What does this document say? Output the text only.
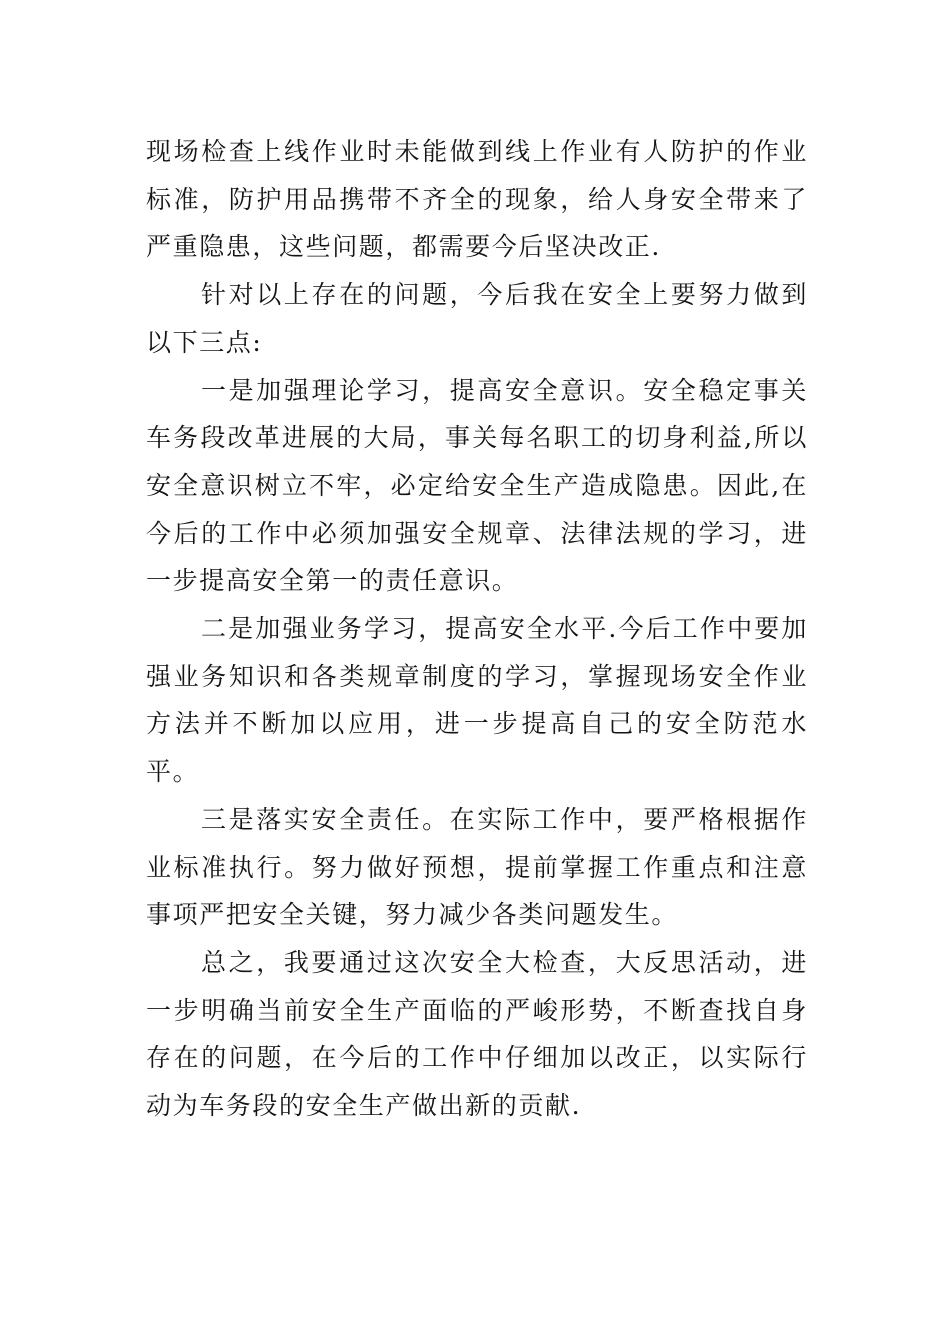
现场检查上线作业时未能做到线上作业有人防护的作业标准，防护用品携带不齐全的现象，给人身安全带来了严重隐患，这些问题，都需要今后坚决改正.

针对以上存在的问题，今后我在安全上要努力做到以下三点:

一是加强理论学习，提高安全意识。安全稳定事关车务段改革进展的大局，事关每名职工的切身利益,所以安全意识树立不牢，必定给安全生产造成隐患。因此,在今后的工作中必须加强安全规章、法律法规的学习，进一步提高安全第一的责任意识。

二是加强业务学习，提高安全水平.今后工作中要加强业务知识和各类规章制度的学习，掌握现场安全作业方法并不断加以应用，进一步提高自己的安全防范水平。

三是落实安全责任。在实际工作中，要严格根据作业标准执行。努力做好预想，提前掌握工作重点和注意事项严把安全关键，努力减少各类问题发生。

总之，我要通过这次安全大检查，大反思活动，进一步明确当前安全生产面临的严峻形势，不断查找自身存在的问题，在今后的工作中仔细加以改正，以实际行动为车务段的安全生产做出新的贡献.
